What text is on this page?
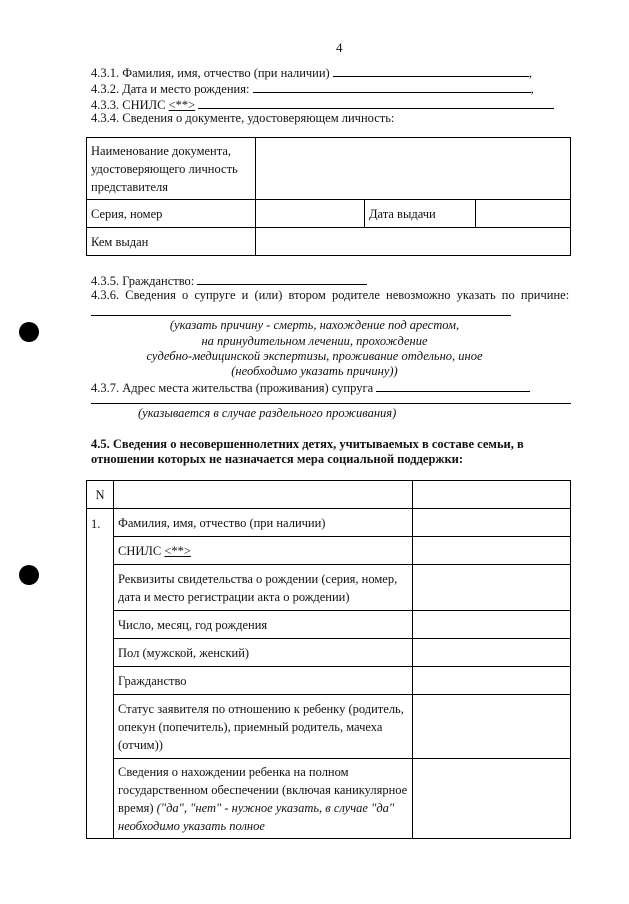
4
4.3.1. Фамилия, имя, отчество (при наличии)	,
4.3.2. Дата и место рождения:	,
4.3.3. СНИЛС <**>
4.3.4. Сведения о документе, удостоверяющем личность:
Наименование документа, удостоверяющего личность представителя			
Серия, номер		Дата выдачи	
Кем выдан			
4.3.5. Гражданство:
4.3.6. Сведения о супруге и (или) втором родителе невозможно указать по причине:
(указать причину - смерть, нахождение под арестом,
на принудительном лечении, прохождение
судебно-медицинской экспертизы, проживание отдельно, иное
(необходимо указать причину))
4.3.7. Адрес места жительства (проживания) супруга
(указывается в случае раздельного проживания)
4.5. Сведения о несовершеннолетних детях, учитываемых в составе семьи, в
отношении которых не назначается мера социальной поддержки:
N		
1.	Фамилия, имя, отчество (при наличии)	
	СНИЛС <**>	
	Реквизиты свидетельства о рождении (серия, номер, дата и место регистрации акта о рождении)	
	Число, месяц, год рождения	
	Пол (мужской, женский)	
	Гражданство	
	Статус заявителя по отношению к ребенку (родитель, опекун (попечитель), приемный родитель, мачеха (отчим))	
	Сведения о нахождении ребенка на полном государственном обеспечении (включая каникулярное время) ("да", "нет" - нужное указать, в случае "да" необходимо указать полное	
